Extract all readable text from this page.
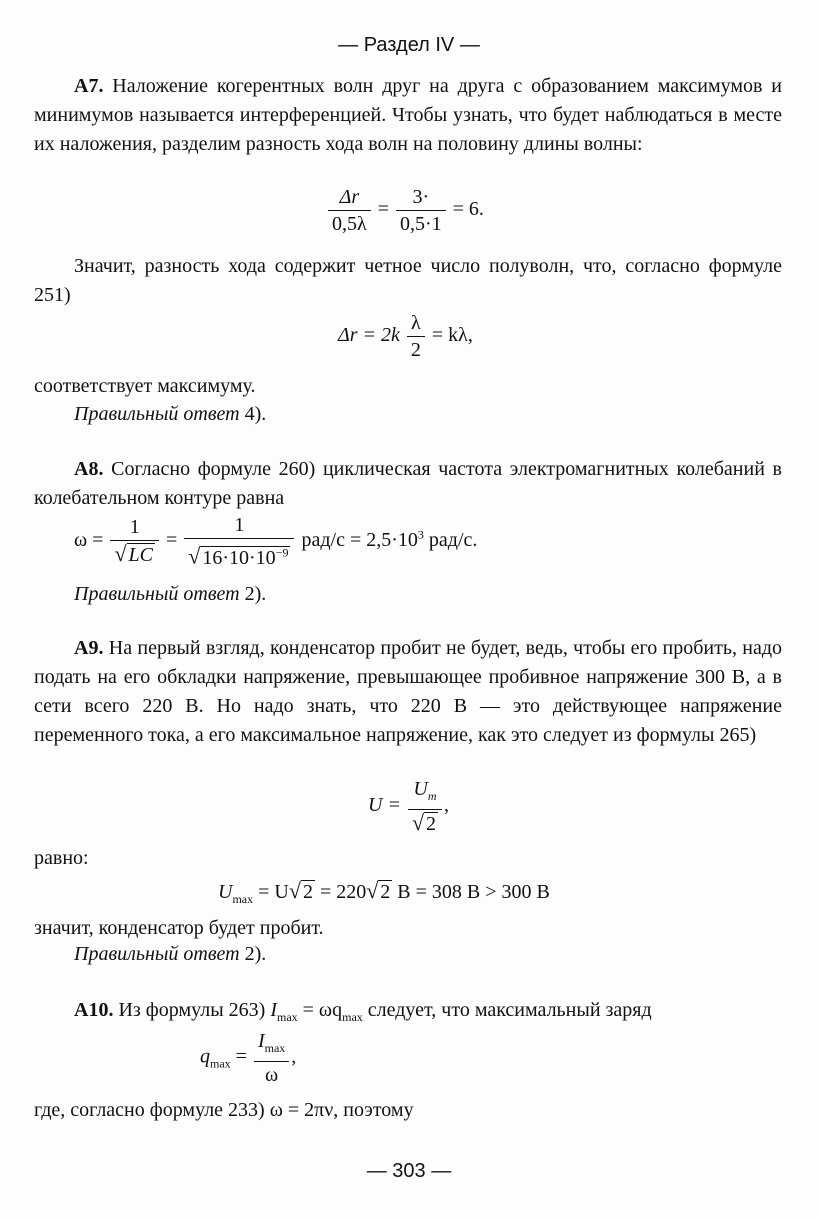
— Раздел IV —
А7. Наложение когерентных волн друг на друга с образованием максимумов и минимумов называется интерференцией. Чтобы узнать, что будет наблюдаться в месте их наложения, разделим разность хода волн на половину длины волны:
$\frac{\Delta r}{0,5\lambda} = \frac{3\cdot}{0,5\cdot 1} = 6$.
Значит, разность хода содержит четное число полуволн, что, согласно формуле 251)
$\Delta r = 2k \frac{\lambda}{2} = k\lambda$,
соответствует максимуму.
Правильный ответ 4).
А8. Согласно формуле 260) циклическая частота электромагнитных колебаний в колебательном контуре равна
$\omega = \frac{1}{√ LC} = \frac{1}{√ 16\cdot 10\cdot 10^{-9}} рад/с = 2,5\cdot 10^3$ рад/с.
Правильный ответ 2).
А9. На первый взгляд, конденсатор пробит не будет, ведь, чтобы его пробить, надо подать на его обкладки напряжение, превышающее пробивное напряжение 300 В, а в сети всего 220 В. Но надо знать, что 220 В — это действующее напряжение переменного тока, а его максимальное напряжение, как это следует из формулы 265)
$U = \frac{U_m}{√ 2}$ ,
равно:
$U_{max} = U√$ 2 = 220√ 2 В = 308 В > 300 В
значит, конденсатор будет пробит.
Правильный ответ 2).
А10. Из формулы 263) $I_{max} = \omega q_{max}$ следует, что максимальный заряд
$q_{max} = \frac{I_{max}}{\omega}$ ,
где, согласно формуле 233) ω = 2πν, поэтому
— 303 —
